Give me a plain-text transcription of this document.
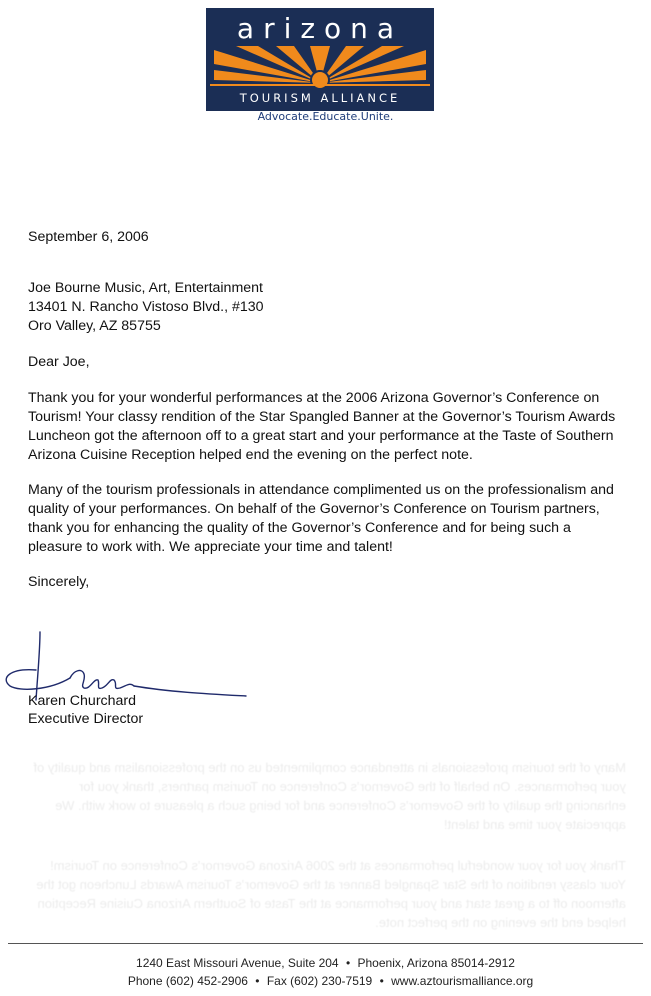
arizona
TOURISM ALLIANCE
Advocate.Educate.Unite.
September 6, 2006
Joe Bourne Music, Art, Entertainment
13401 N. Rancho Vistoso Blvd., #130
Oro Valley, AZ 85755
Dear Joe,

Thank you for your wonderful performances at the 2006 Arizona Governor’s Conference on Tourism! Your classy rendition of the Star Spangled Banner at the Governor’s Tourism Awards Luncheon got the afternoon off to a great start and your performance at the Taste of Southern Arizona Cuisine Reception helped end the evening on the perfect note.

Many of the tourism professionals in attendance complimented us on the professionalism and quality of your performances. On behalf of the Governor’s Conference on Tourism partners, thank you for enhancing the quality of the Governor’s Conference and for being such a pleasure to work with. We appreciate your time and talent!

Sincerely,
Karen Churchard
Executive Director
Many of the tourism professionals in attendance complimented us on the professionalism and quality of your performances. On behalf of the Governor’s Conference on Tourism partners, thank you for enhancing the quality of the Governor’s Conference and for being such a pleasure to work with. We appreciate your time and talent!
Thank you for your wonderful performances at the 2006 Arizona Governor’s Conference on Tourism! Your classy rendition of the Star Spangled Banner at the Governor’s Tourism Awards Luncheon got the afternoon off to a great start and your performance at the Taste of Southern Arizona Cuisine Reception helped end the evening on the perfect note.
1240 East Missouri Avenue, Suite 204 • Phoenix, Arizona 85014-2912
Phone (602) 452-2906 • Fax (602) 230-7519 • www.aztourismalliance.org
